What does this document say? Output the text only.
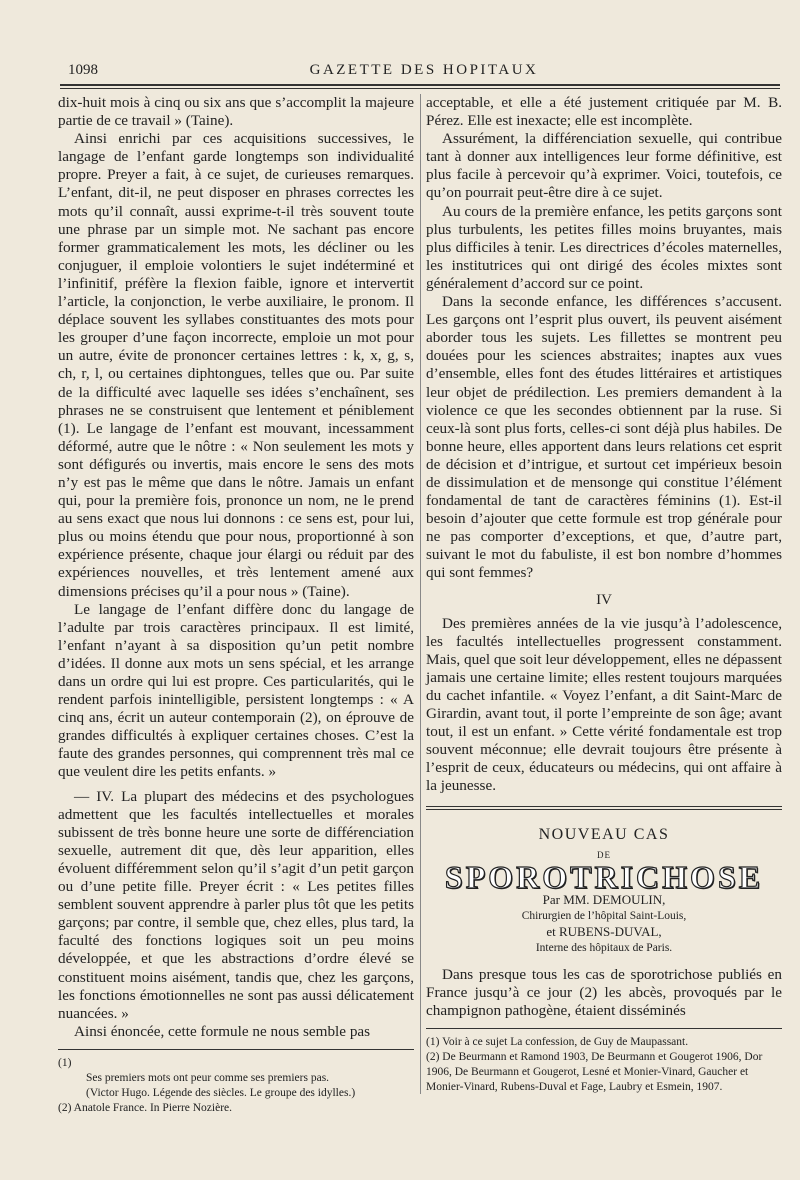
1098	GAZETTE DES HOPITAUX

dix-huit mois à cinq ou six ans que s’accomplit la majeure partie de ce travail » (Taine).

Ainsi enrichi par ces acquisitions successives, le langage de l’enfant garde longtemps son individualité propre. Preyer a fait, à ce sujet, de curieuses remarques. L’enfant, dit-il, ne peut disposer en phrases correctes les mots qu’il connaît, aussi exprime-t-il très souvent toute une phrase par un simple mot. Ne sachant pas encore former grammaticalement les mots, les décliner ou les conjuguer, il emploie volontiers le sujet indéterminé et l’infinitif, préfère la flexion faible, ignore et intervertit l’article, la conjonction, le verbe auxiliaire, le pronom. Il déplace souvent les syllabes constituantes des mots pour les grouper d’une façon incorrecte, emploie un mot pour un autre, évite de prononcer certaines lettres : k, x, g, s, ch, r, l, ou certaines diphtongues, telles que ou. Par suite de la difficulté avec laquelle ses idées s’enchaînent, ses phrases ne se construisent que lentement et péniblement (1). Le langage de l’enfant est mouvant, incessamment déformé, autre que le nôtre : « Non seulement les mots y sont défigurés ou invertis, mais encore le sens des mots n’y est pas le même que dans le nôtre. Jamais un enfant qui, pour la première fois, prononce un nom, ne le prend au sens exact que nous lui donnons : ce sens est, pour lui, plus ou moins étendu que pour nous, proportionné à son expérience présente, chaque jour élargi ou réduit par des expériences nouvelles, et très lentement amené aux dimensions précises qu’il a pour nous » (Taine).

Le langage de l’enfant diffère donc du langage de l’adulte par trois caractères principaux. Il est limité, l’enfant n’ayant à sa disposition qu’un petit nombre d’idées. Il donne aux mots un sens spécial, et les arrange dans un ordre qui lui est propre. Ces particularités, qui le rendent parfois inintelligible, persistent longtemps : « A cinq ans, écrit un auteur contemporain (2), on éprouve de grandes difficultés à expliquer certaines choses. C’est la faute des grandes personnes, qui comprennent très mal ce que veulent dire les petits enfants. »

— IV. La plupart des médecins et des psychologues admettent que les facultés intellectuelles et morales subissent de très bonne heure une sorte de différenciation sexuelle, autrement dit que, dès leur apparition, elles évoluent différemment selon qu’il s’agit d’un petit garçon ou d’une petite fille. Preyer écrit : « Les petites filles semblent souvent apprendre à parler plus tôt que les petits garçons; par contre, il semble que, chez elles, plus tard, la faculté des fonctions logiques soit un peu moins développée, et que les abstractions d’ordre élevé se constituent moins aisément, tandis que, chez les garçons, les fonctions émotionnelles ne sont pas aussi délicatement nuancées. »

Ainsi énoncée, cette formule ne nous semble pas

(1)
Ses premiers mots ont peur comme ses premiers pas.
(Victor Hugo. Légende des siècles. Le groupe des idylles.)
(2) Anatole France. In Pierre Nozière.

acceptable, et elle a été justement critiquée par M. B. Pérez. Elle est inexacte; elle est incomplète.

Assurément, la différenciation sexuelle, qui contribue tant à donner aux intelligences leur forme définitive, est plus facile à percevoir qu’à exprimer. Voici, toutefois, ce qu’on pourrait peut-être dire à ce sujet.

Au cours de la première enfance, les petits garçons sont plus turbulents, les petites filles moins bruyantes, mais plus difficiles à tenir. Les directrices d’écoles maternelles, les institutrices qui ont dirigé des écoles mixtes sont généralement d’accord sur ce point.

Dans la seconde enfance, les différences s’accusent. Les garçons ont l’esprit plus ouvert, ils peuvent aisément aborder tous les sujets. Les fillettes se montrent peu douées pour les sciences abstraites; inaptes aux vues d’ensemble, elles font des études littéraires et artistiques leur objet de prédilection. Les premiers demandent à la violence ce que les secondes obtiennent par la ruse. Si ceux-là sont plus forts, celles-ci sont déjà plus habiles. De bonne heure, elles apportent dans leurs relations cet esprit de décision et d’intrigue, et surtout cet impérieux besoin de dissimulation et de mensonge qui constitue l’élément fondamental de tant de caractères féminins (1). Est-il besoin d’ajouter que cette formule est trop générale pour ne pas comporter d’exceptions, et que, d’autre part, suivant le mot du fabuliste, il est bon nombre d’hommes qui sont femmes?

IV

Des premières années de la vie jusqu’à l’adolescence, les facultés intellectuelles progressent constamment. Mais, quel que soit leur développement, elles ne dépassent jamais une certaine limite; elles restent toujours marquées du cachet infantile. « Voyez l’enfant, a dit Saint-Marc de Girardin, avant tout, il porte l’empreinte de son âge; avant tout, il est un enfant. » Cette vérité fondamentale est trop souvent méconnue; elle devrait toujours être présente à l’esprit de ceux, éducateurs ou médecins, qui ont affaire à la jeunesse.

NOUVEAU CAS
DE
SPOROTRICHOSE
Par MM. DEMOULIN,
Chirurgien de l’hôpital Saint-Louis,
et RUBENS-DUVAL,
Interne des hôpitaux de Paris.

Dans presque tous les cas de sporotrichose publiés en France jusqu’à ce jour (2) les abcès, provoqués par le champignon pathogène, étaient disséminés

(1) Voir à ce sujet La confession, de Guy de Maupassant.
(2) De Beurmann et Ramond 1903, De Beurmann et Gougerot 1906, Dor 1906, De Beurmann et Gougerot, Lesné et Monier-Vinard, Gaucher et Monier-Vinard, Rubens-Duval et Fage, Laubry et Esmein, 1907.
